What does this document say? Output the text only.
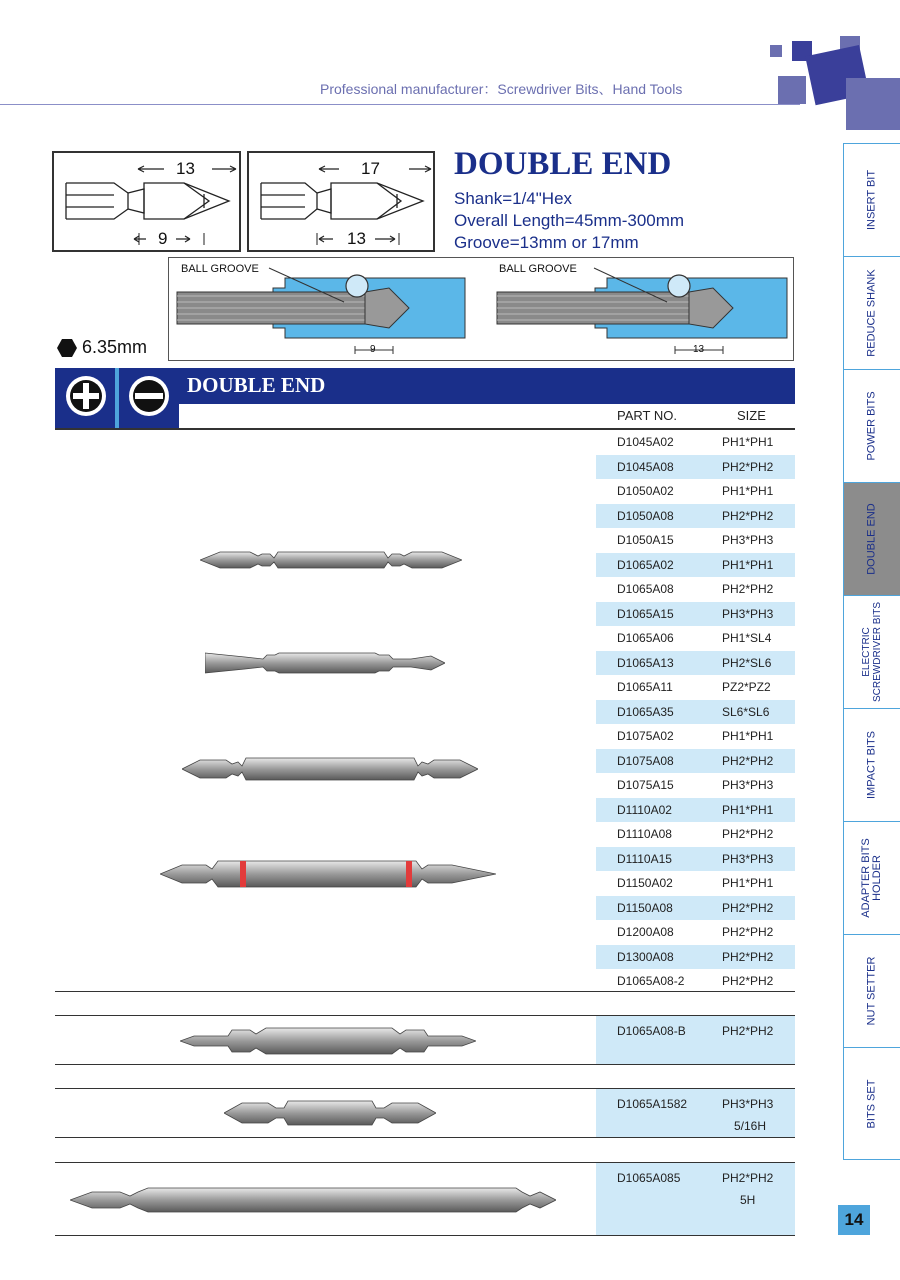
Professional manufacturer：Screwdriver Bits、Hand Tools
13
9
17
13
DOUBLE END
Shank=1/4"Hex
Overall Length=45mm-300mm
Groove=13mm or 17mm
BALL GROOVE	BALL GROOVE
9	13
6.35mm
DOUBLE END
PART NO.	SIZE
D1045A02	PH1*PH1
D1045A08	PH2*PH2
D1050A02	PH1*PH1
D1050A08	PH2*PH2
D1050A15	PH3*PH3
D1065A02	PH1*PH1
D1065A08	PH2*PH2
D1065A15	PH3*PH3
D1065A06	PH1*SL4
D1065A13	PH2*SL6
D1065A11	PZ2*PZ2
D1065A35	SL6*SL6
D1075A02	PH1*PH1
D1075A08	PH2*PH2
D1075A15	PH3*PH3
D1110A02	PH1*PH1
D1110A08	PH2*PH2
D1110A15	PH3*PH3
D1150A02	PH1*PH1
D1150A08	PH2*PH2
D1200A08	PH2*PH2
D1300A08	PH2*PH2
D1065A08-2	PH2*PH2
D1065A08-B	PH2*PH2
D1065A1582	PH3*PH3
5/16H
D1065A085	PH2*PH2
5H
INSERT BIT
REDUCE SHANK
POWER BITS
DOUBLE END
ELECTRIC SCREWDRIVER BITS
IMPACT BITS
ADAPTER BITS HOLDER
NUT SETTER
BITS SET
14
